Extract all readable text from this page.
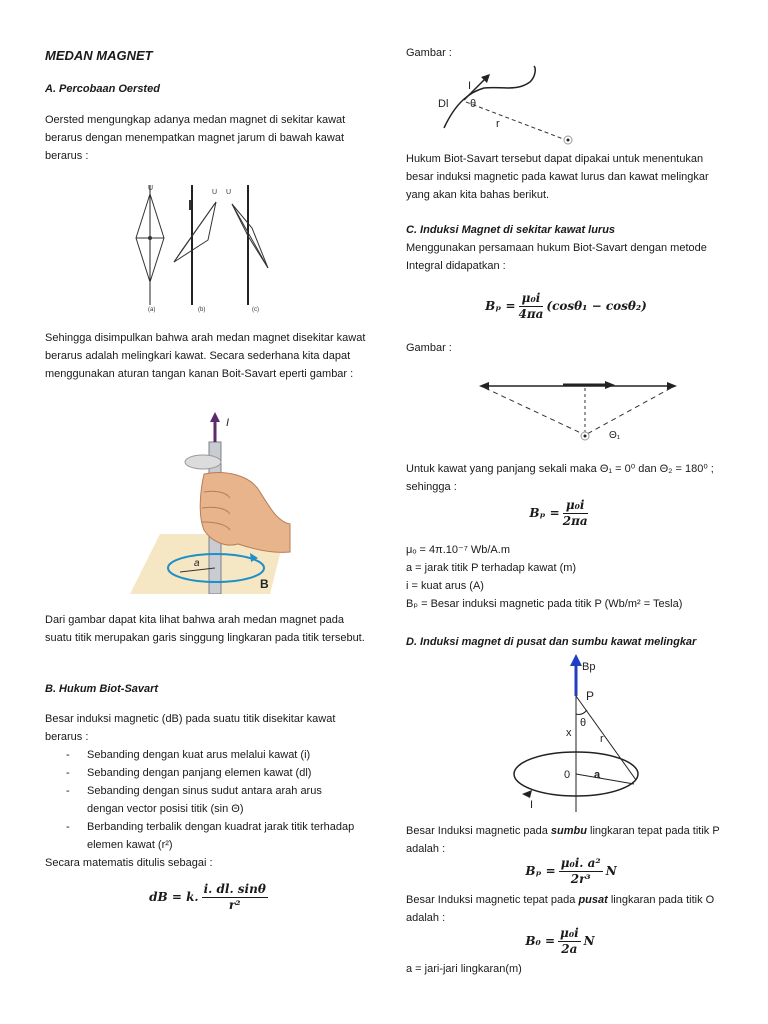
MEDAN MAGNET
A. Percobaan Oersted
Oersted mengungkap adanya medan magnet di sekitar kawat berarus dengan menempatkan magnet jarum di bawah kawat berarus :
U
U U
(a)	(b)	(c)
Sehingga disimpulkan bahwa arah medan magnet disekitar kawat berarus adalah melingkari kawat. Secara sederhana kita dapat menggunakan aturan tangan kanan Boit-Savart eperti gambar :
I
a
B
Dari gambar dapat kita lihat bahwa arah medan magnet pada suatu titik merupakan garis singgung lingkaran pada titik tersebut.
B. Hukum Biot-Savart
Besar induksi magnetic (dB) pada suatu titik disekitar kawat berarus :
- Sebanding dengan kuat arus melalui kawat (i)
- Sebanding dengan panjang elemen kawat (dl)
- Sebanding dengan sinus sudut antara arah arus dengan vector posisi titik (sin Θ)
- Berbanding terbalik dengan kuadrat jarak titik terhadap elemen kawat (r²)
Secara matematis ditulis sebagai :
dB = k. $\frac{i. dl. \sin\theta}{\text{r²}}$
Gambar :
I
Dl θ
r
Hukum Biot-Savart tersebut dapat dipakai untuk menentukan besar induksi magnetic pada kawat lurus dan kawat melingkar yang akan kita bahas berikut.
C. Induksi Magnet di sekitar kawat lurus
Menggunakan persamaan hukum Biot-Savart dengan metode Integral didapatkan :
$B_p = \frac{\text{μ₀i}}{4\pi a} (\cos\theta_1 - \cos\theta_2)$
Gambar :
Θ₁
Untuk kawat yang panjang sekali maka Θ₁ = 0⁰ dan Θ₂ = 180⁰ ; sehingga :
$B_p = \frac{\text{μ₀i}}{2\pi a}$
μₒ = 4π.10⁻⁷ Wb/A.m
a = jarak titik P terhadap kawat (m)
i = kuat arus (A)
Bₚ = Besar induksi magnetic pada titik P (Wb/m² = Tesla)
D. Induksi magnet di pusat dan sumbu kawat melingkar
Bp
P
θ
x	r
0 a
I
Besar Induksi magnetic pada sumbu lingkaran tepat pada titik P adalah :
$B_p = \frac{\text{μ₀i. a²}}{\text{2r³}}$ N
Besar Induksi magnetic tepat pada pusat lingkaran pada titik O adalah :
$B_0 = \frac{\text{μ₀i}}{2a}$ N
a = jari-jari lingkaran(m)
